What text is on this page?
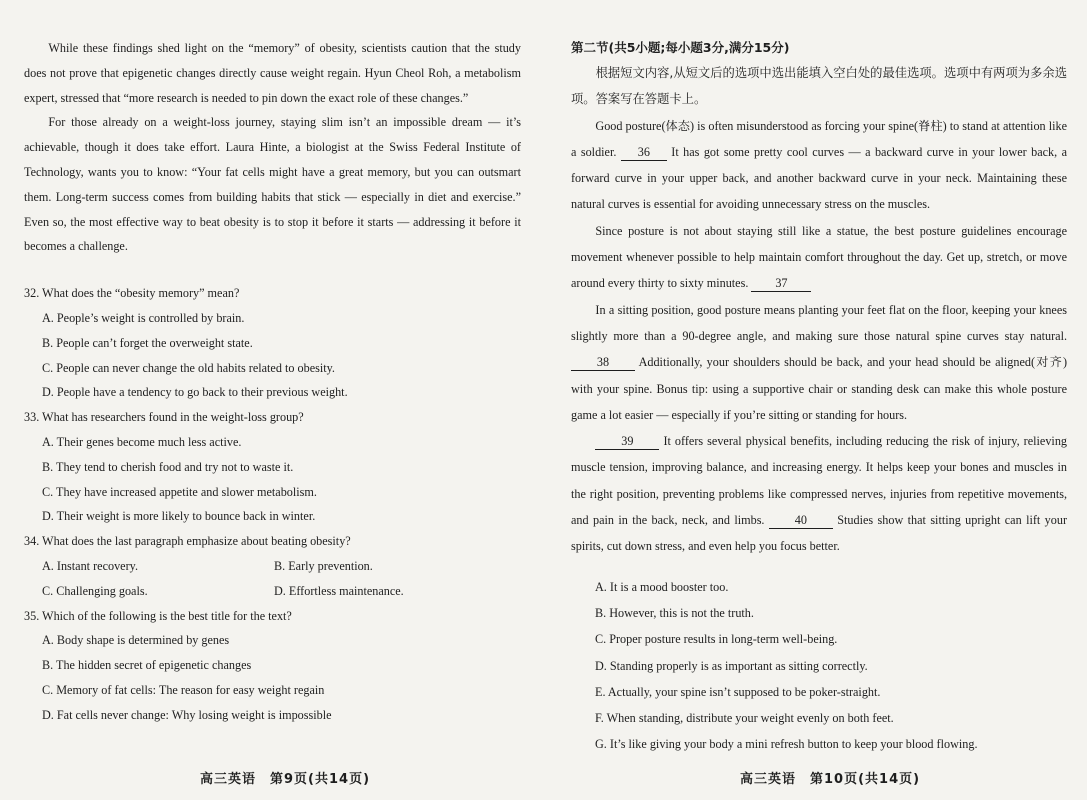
While these findings shed light on the “memory” of obesity, scientists caution that the study does not prove that epigenetic changes directly cause weight regain. Hyun Cheol Roh, a metabolism expert, stressed that “more research is needed to pin down the exact role of these changes.”

For those already on a weight-loss journey, staying slim isn’t an impossible dream — it’s achievable, though it does take effort. Laura Hinte, a biologist at the Swiss Federal Institute of Technology, wants you to know: “Your fat cells might have a great memory, but you can outsmart them. Long-term success comes from building habits that stick — especially in diet and exercise.” Even so, the most effective way to beat obesity is to stop it before it starts — addressing it before it becomes a challenge.

32. What does the “obesity memory” mean?

A. People’s weight is controlled by brain.

B. People can’t forget the overweight state.

C. People can never change the old habits related to obesity.

D. People have a tendency to go back to their previous weight.

33. What has researchers found in the weight-loss group?

A. Their genes become much less active.

B. They tend to cherish food and try not to waste it.

C. They have increased appetite and slower metabolism.

D. Their weight is more likely to bounce back in winter.

34. What does the last paragraph emphasize about beating obesity?

A. Instant recovery.	B. Early prevention.
C. Challenging goals.	D. Effortless maintenance.

35. Which of the following is the best title for the text?

A. Body shape is determined by genes

B. The hidden secret of epigenetic changes

C. Memory of fat cells: The reason for easy weight regain

D. Fat cells never change: Why losing weight is impossible

高三英语　第9页(共14页)

第二节(共5小题;每小题3分,满分15分)

根据短文内容,从短文后的选项中选出能填入空白处的最佳选项。选项中有两项为多余选项。答案写在答题卡上。

Good posture(体态) is often misunderstood as forcing your spine(脊柱) to stand at attention like a soldier. 36 It has got some pretty cool curves — a backward curve in your lower back, a forward curve in your upper back, and another backward curve in your neck. Maintaining these natural curves is essential for avoiding unnecessary stress on the muscles.

Since posture is not about staying still like a statue, the best posture guidelines encourage movement whenever possible to help maintain comfort throughout the day. Get up, stretch, or move around every thirty to sixty minutes. 37

In a sitting position, good posture means planting your feet flat on the floor, keeping your knees slightly more than a 90-degree angle, and making sure those natural spine curves stay natural. 38 Additionally, your shoulders should be back, and your head should be aligned(对齐) with your spine. Bonus tip: using a supportive chair or standing desk can make this whole posture game a lot easier — especially if you’re sitting or standing for hours.

39 It offers several physical benefits, including reducing the risk of injury, relieving muscle tension, improving balance, and increasing energy. It helps keep your bones and muscles in the right position, preventing problems like compressed nerves, injuries from repetitive movements, and pain in the back, neck, and limbs. 40 Studies show that sitting upright can lift your spirits, cut down stress, and even help you focus better.

A. It is a mood booster too.

B. However, this is not the truth.

C. Proper posture results in long-term well-being.

D. Standing properly is as important as sitting correctly.

E. Actually, your spine isn’t supposed to be poker-straight.

F. When standing, distribute your weight evenly on both feet.

G. It’s like giving your body a mini refresh button to keep your blood flowing.

高三英语　第10页(共14页)
